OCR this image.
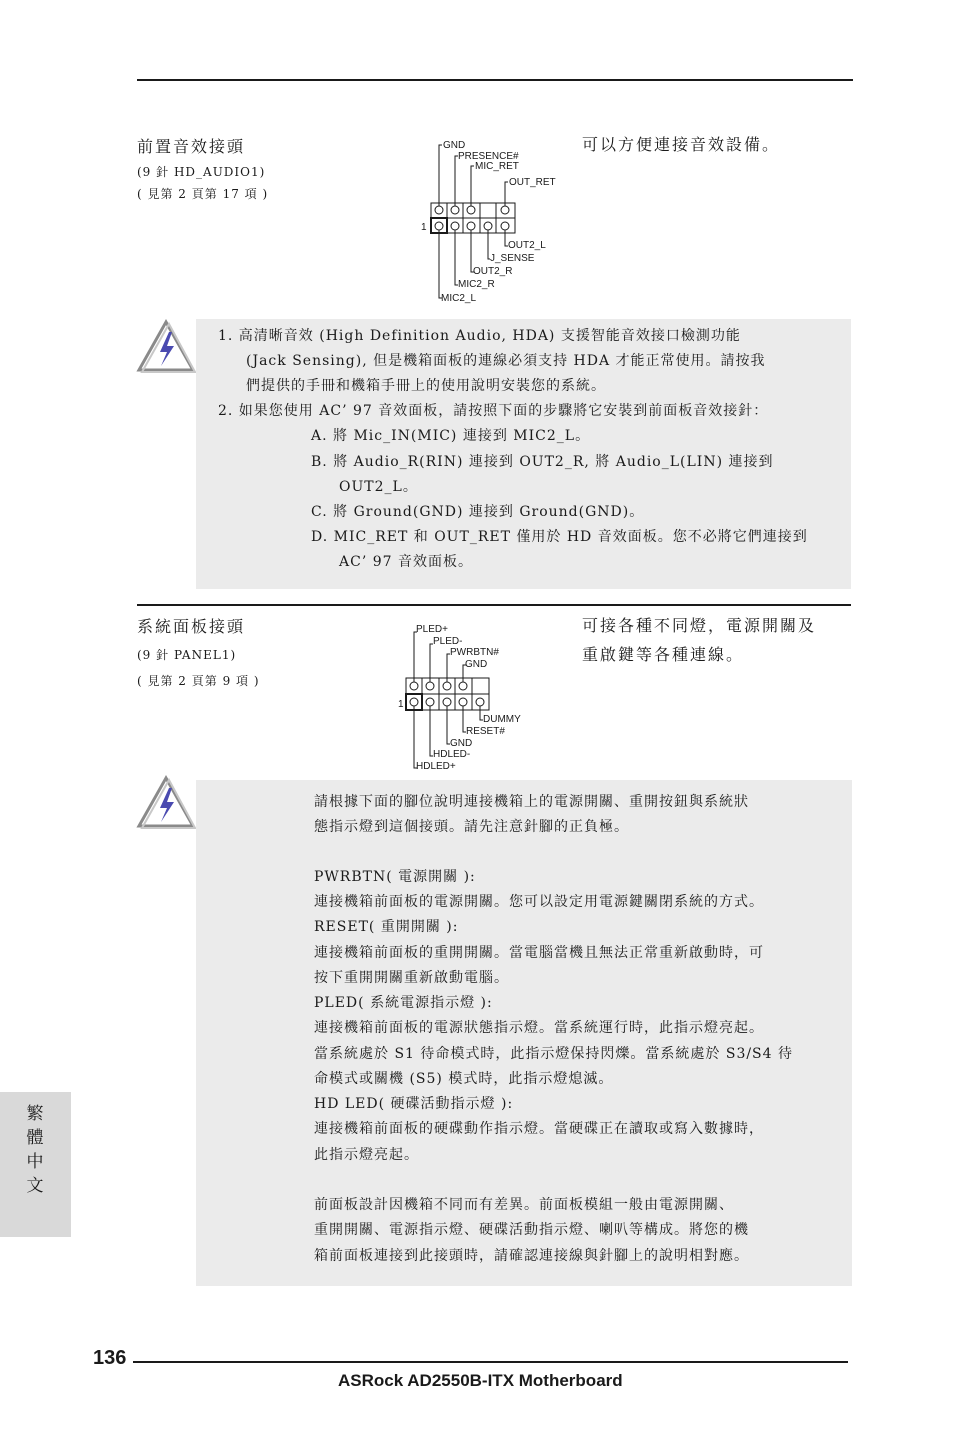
前置音效接頭
(9 針 HD_AUDIO1)
( 見第 2 頁第 17 項 )
可以方便連接音效設備。
GND
PRESENCE#
MIC_RET
OUT_RET
1
OUT2_L
J_SENSE
OUT2_R
MIC2_R
MIC2_L
1. 高清晰音效 (High Definition Audio, HDA) 支援智能音效接口檢測功能
(Jack Sensing), 但是機箱面板的連線必須支持 HDA 才能正常使用。請按我
們提供的手冊和機箱手冊上的使用說明安裝您的系統。
2. 如果您使用 AC’ 97 音效面板，請按照下面的步驟將它安裝到前面板音效接針：
A. 將 Mic_IN(MIC) 連接到 MIC2_L。
B. 將 Audio_R(RIN) 連接到 OUT2_R, 將 Audio_L(LIN) 連接到
OUT2_L。
C. 將 Ground(GND) 連接到 Ground(GND)。
D. MIC_RET 和 OUT_RET 僅用於 HD 音效面板。您不必將它們連接到
AC’ 97 音效面板。
系統面板接頭
(9 針 PANEL1)
( 見第 2 頁第 9 項 )
可接各種不同燈，電源開關及
重啟鍵等各種連線。
PLED+
PLED-
PWRBTN#
GND
1
DUMMY
RESET#
GND
HDLED-
HDLED+
請根據下面的腳位說明連接機箱上的電源開關、重開按鈕與系統狀
態指示燈到這個接頭。請先注意針腳的正負極。
PWRBTN( 電源開關 ):
連接機箱前面板的電源開關。您可以設定用電源鍵關閉系統的方式。
RESET( 重開開關 ):
連接機箱前面板的重開開關。當電腦當機且無法正常重新啟動時，可
按下重開開關重新啟動電腦。
PLED( 系統電源指示燈 ):
連接機箱前面板的電源狀態指示燈。當系統運行時，此指示燈亮起。
當系統處於 S1 待命模式時，此指示燈保持閃爍。當系統處於 S3/S4 待
命模式或關機 (S5) 模式時，此指示燈熄滅。
HD LED( 硬碟活動指示燈 ):
連接機箱前面板的硬碟動作指示燈。當硬碟正在讀取或寫入數據時，
此指示燈亮起。
前面板設計因機箱不同而有差異。前面板模組一般由電源開關、
重開開關、電源指示燈、硬碟活動指示燈、喇叭等構成。將您的機
箱前面板連接到此接頭時，請確認連接線與針腳上的說明相對應。
繁體中文
136
ASRock AD2550B-ITX Motherboard
